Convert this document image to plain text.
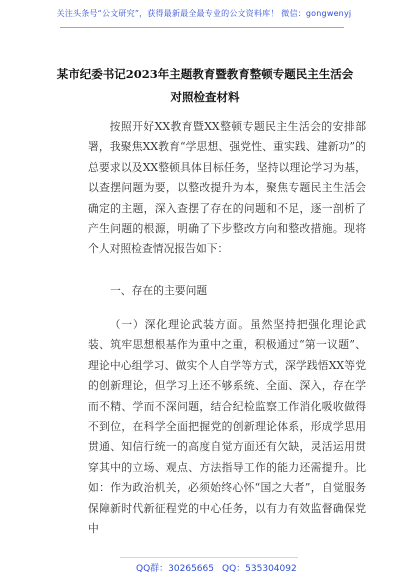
关注头条号“公文研究”，获得最新最全最专业的公文资料库！ 微信：gongwenyj
某市纪委书记2023年主题教育暨教育整顿专题民主生活会
对照检查材料
按照开好XX教育暨XX整顿专题民主生活会的安排部署，我聚焦XX教育“学思想、强党性、重实践、建新功”的总要求以及XX整顿具体目标任务，坚持以理论学习为基，以查摆问题为要，以整改提升为本，聚焦专题民主生活会确定的主题，深入查摆了存在的问题和不足，逐一剖析了产生问题的根源，明确了下步整改方向和整改措施。现将个人对照检查情况报告如下：
一、存在的主要问题
（一）深化理论武装方面。虽然坚持把强化理论武装、筑牢思想根基作为重中之重，积极通过“第一议题”、理论中心组学习、做实个人自学等方式，深学践悟XX等党的创新理论，但学习上还不够系统、全面、深入，存在学而不精、学而不深问题，结合纪检监察工作消化吸收做得不到位，在科学全面把握党的创新理论体系，形成学思用贯通、知信行统一的高度自觉方面还有欠缺，灵活运用贯穿其中的立场、观点、方法指导工作的能力还需提升。比如：作为政治机关，必须始终心怀“国之大者”，自觉服务保障新时代新征程党的中心任务，以有力有效监督确保党中
QQ群：30265665 QQ：535304092
